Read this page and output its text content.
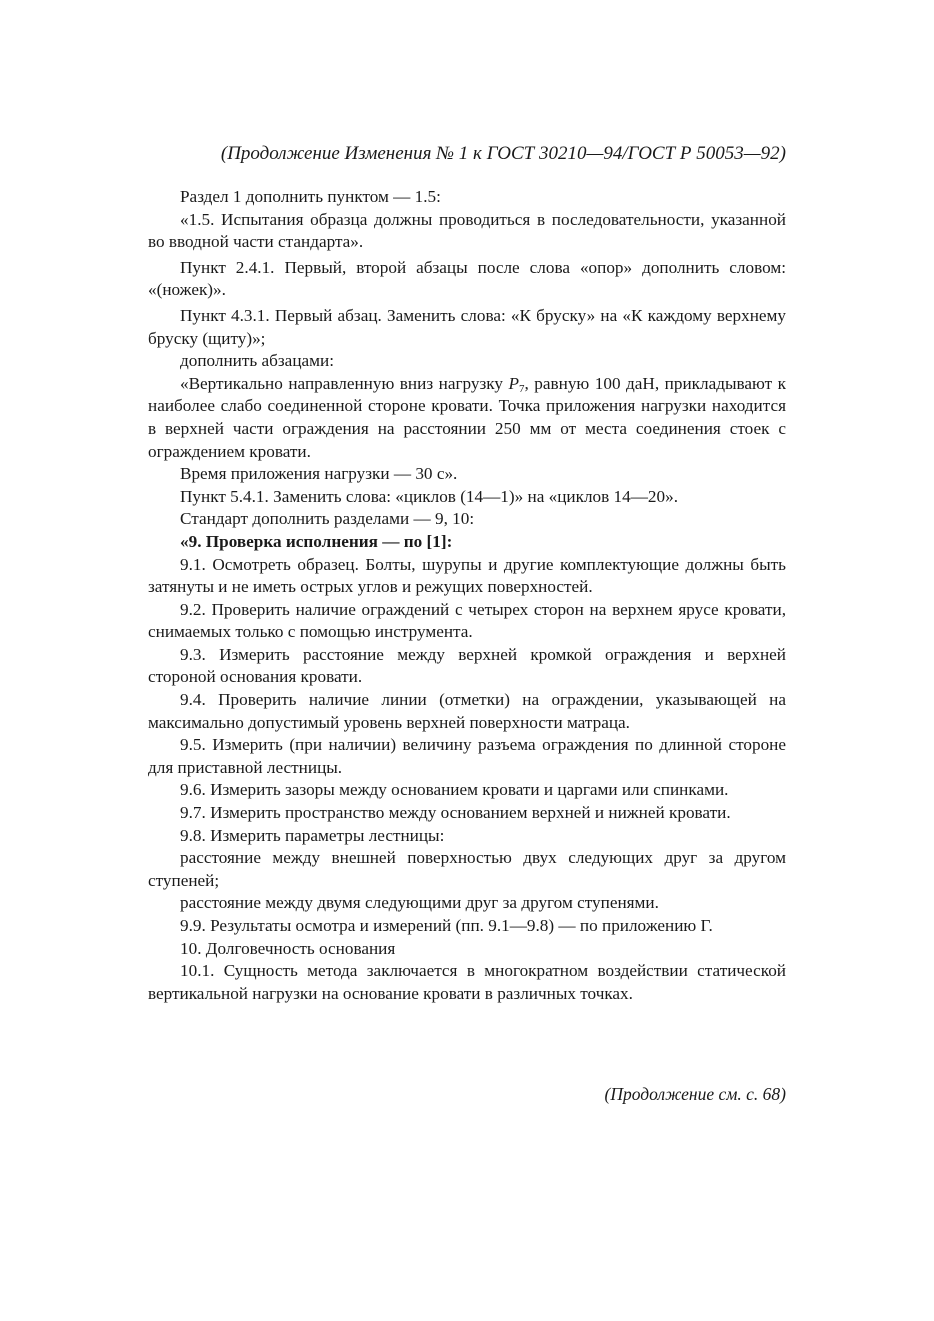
(Продолжение Изменения № 1 к ГОСТ 30210—94/ГОСТ Р 50053—92)

Раздел 1 дополнить пунктом — 1.5:

«1.5. Испытания образца должны проводиться в последовательности, указанной во вводной части стандарта».

Пункт 2.4.1. Первый, второй абзацы после слова «опор» дополнить словом: «(ножек)».

Пункт 4.3.1. Первый абзац. Заменить слова: «К бруску» на «К каждому верхнему бруску (щиту)»;

дополнить абзацами:

«Вертикально направленную вниз нагрузку $P_7$, равную 100 даН, прикладывают к наиболее слабо соединенной стороне кровати. Точка приложения нагрузки находится в верхней части ограждения на расстоянии 250 мм от места соединения стоек с ограждением кровати.

Время приложения нагрузки — 30 с».

Пункт 5.4.1. Заменить слова: «циклов (14—1)» на «циклов 14—20».

Стандарт дополнить разделами — 9, 10:

«9. Проверка исполнения — по [1]:

9.1. Осмотреть образец. Болты, шурупы и другие комплектующие должны быть затянуты и не иметь острых углов и режущих поверхностей.

9.2. Проверить наличие ограждений с четырех сторон на верхнем ярусе кровати, снимаемых только с помощью инструмента.

9.3. Измерить расстояние между верхней кромкой ограждения и верхней стороной основания кровати.

9.4. Проверить наличие линии (отметки) на ограждении, указывающей на максимально допустимый уровень верхней поверхности матраца.

9.5. Измерить (при наличии) величину разъема ограждения по длинной стороне для приставной лестницы.

9.6. Измерить зазоры между основанием кровати и царгами или спинками.

9.7. Измерить пространство между основанием верхней и нижней кровати.

9.8. Измерить параметры лестницы:

расстояние между внешней поверхностью двух следующих друг за другом ступеней;

расстояние между двумя следующими друг за другом ступенями.

9.9. Результаты осмотра и измерений (пп. 9.1—9.8) — по приложению Г.

10. Долговечность основания

10.1. Сущность метода заключается в многократном воздействии статической вертикальной нагрузки на основание кровати в различных точках.

(Продолжение см. с. 68)
